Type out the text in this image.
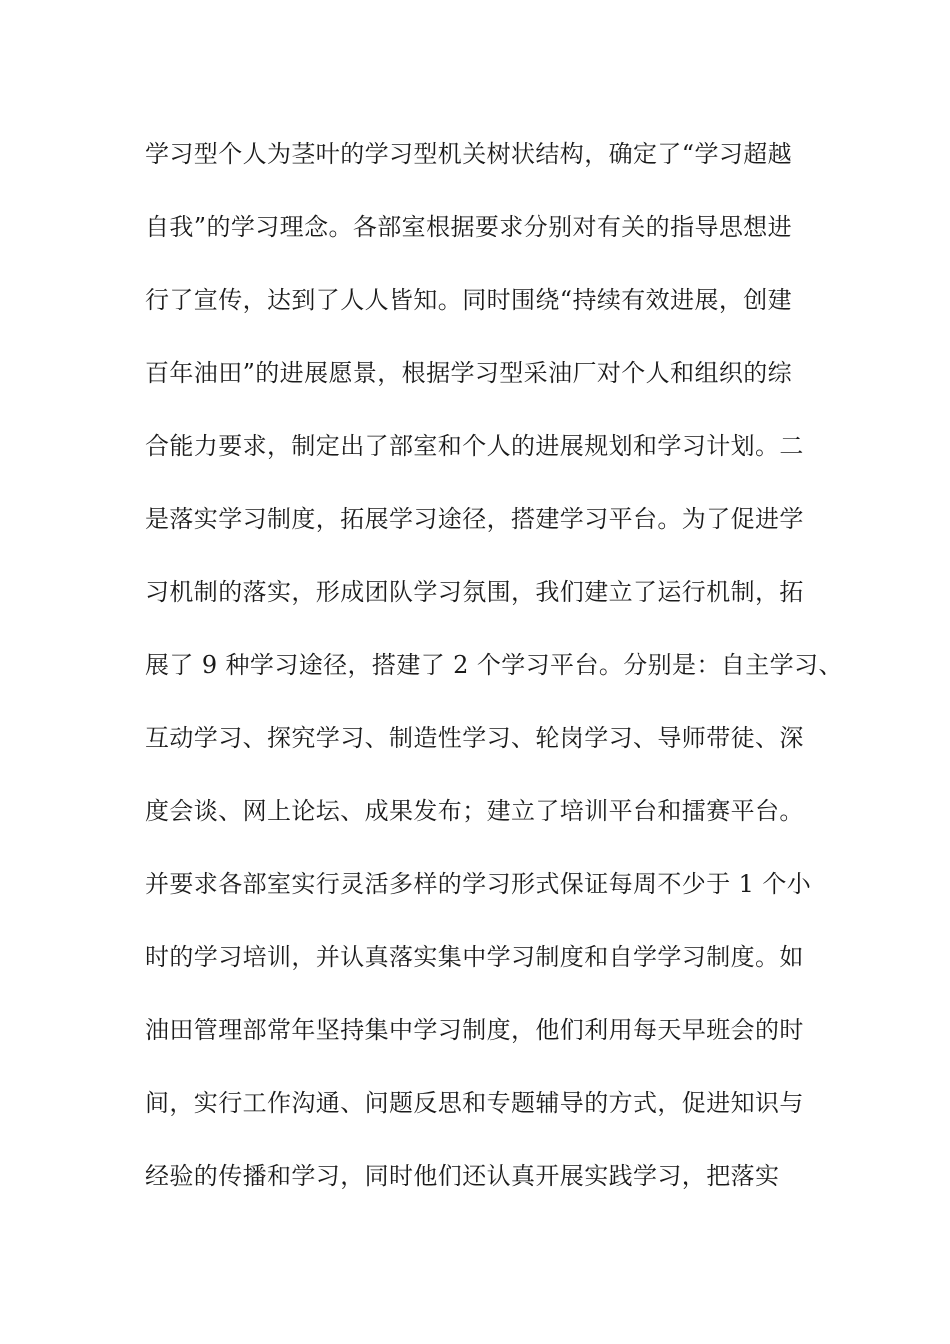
学习型个人为茎叶的学习型机关树状结构，确定了“学习超越
自我”的学习理念。各部室根据要求分别对有关的指导思想进
行了宣传，达到了人人皆知。同时围绕“持续有效进展，创建
百年油田”的进展愿景，根据学习型采油厂对个人和组织的综
合能力要求，制定出了部室和个人的进展规划和学习计划。二
是落实学习制度，拓展学习途径，搭建学习平台。为了促进学
习机制的落实，形成团队学习氛围，我们建立了运行机制，拓
展了 9 种学习途径，搭建了 2 个学习平台。分别是：自主学习、
互动学习、探究学习、制造性学习、轮岗学习、导师带徒、深
度会谈、网上论坛、成果发布；建立了培训平台和擂赛平台。
并要求各部室实行灵活多样的学习形式保证每周不少于 1 个小
时的学习培训，并认真落实集中学习制度和自学学习制度。如
油田管理部常年坚持集中学习制度，他们利用每天早班会的时
间，实行工作沟通、问题反思和专题辅导的方式，促进知识与
经验的传播和学习，同时他们还认真开展实践学习，把落实
